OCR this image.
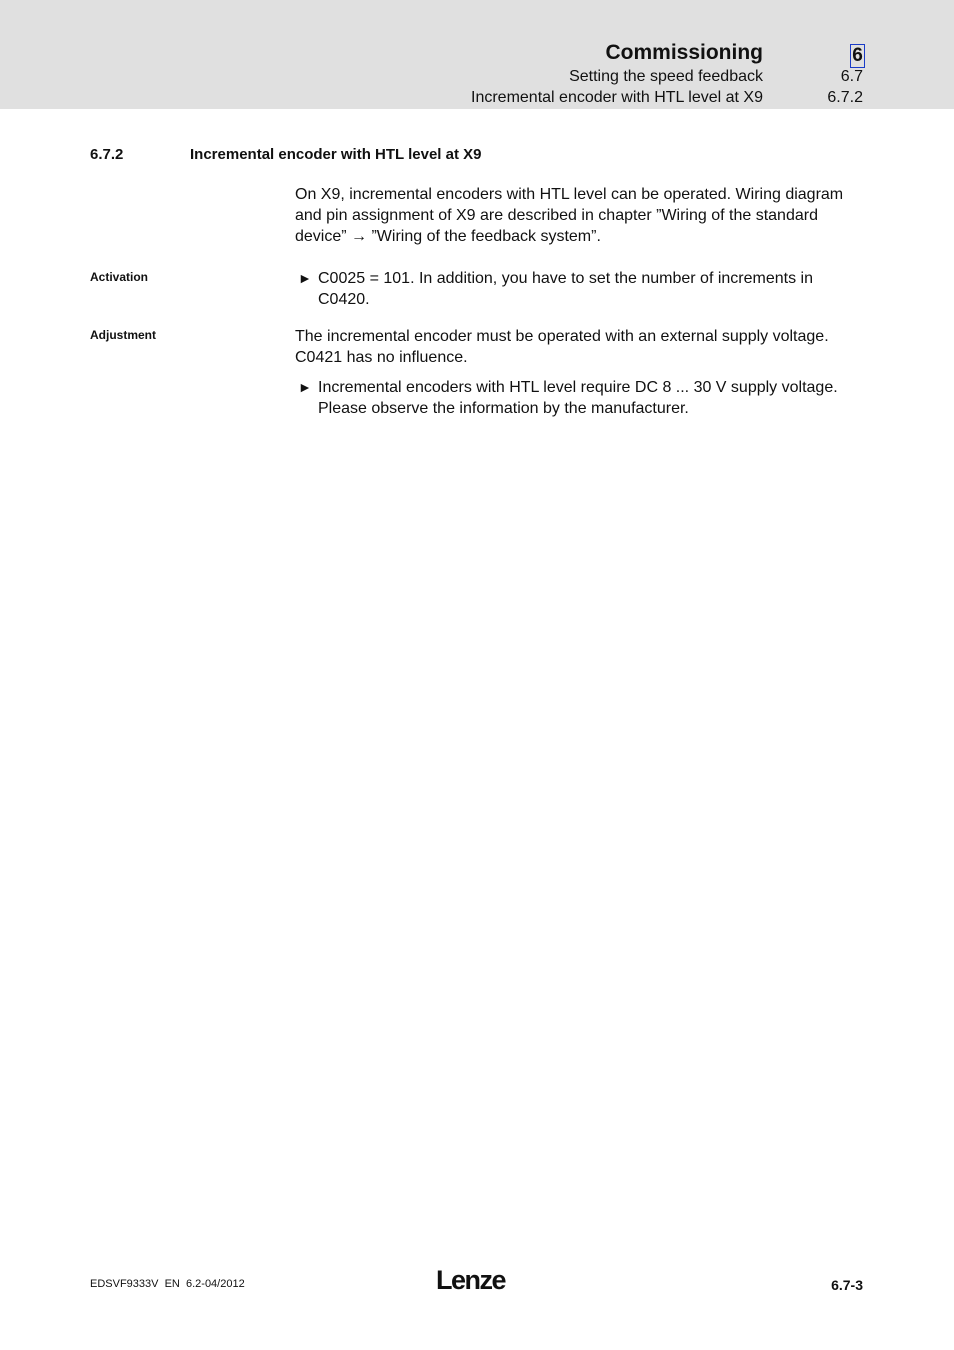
Commissioning	6
Setting the speed feedback	6.7
Incremental encoder with HTL level at X9	6.7.2
6.7.2	Incremental encoder with HTL level at X9
On X9, incremental encoders with HTL level can be operated. Wiring diagram and pin assignment of X9 are described in chapter ”Wiring of the standard device” → ”Wiring of the feedback system”.
Activation	► C0025 = 101. In addition, you have to set the number of increments in C0420.
Adjustment	The incremental encoder must be operated with an external supply voltage. C0421 has no influence.
► Incremental encoders with HTL level require DC 8 ... 30 V supply voltage. Please observe the information by the manufacturer.
EDSVF9333V  EN  6.2-04/2012	Lenze	6.7-3
